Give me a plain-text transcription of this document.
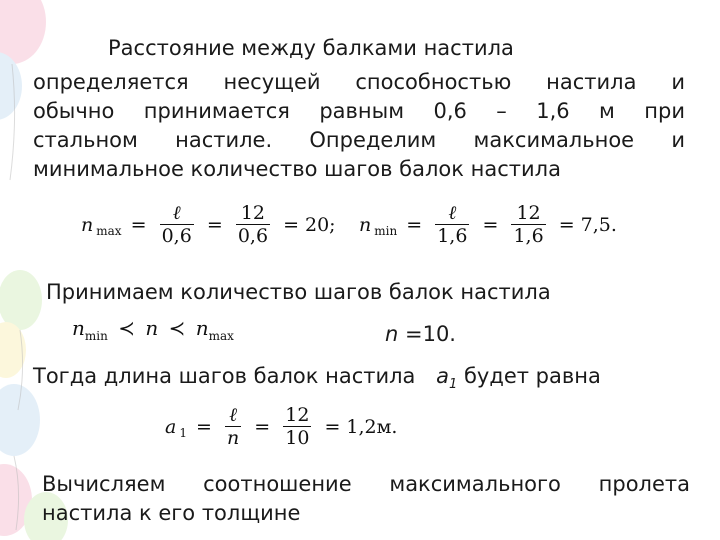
Расстояние между балками настила
определяется несущей способностью настила и
обычно принимается равным 0,6 – 1,6 м при
стальном настиле. Определим максимальное и
минимальное количество шагов балок настила
n $_{max} = \frac{\text{ℓ}}{0,6} = \frac{12}{0,6} = 20$; n $_{min} = \frac{\text{ℓ}}{1,6} = \frac{12}{1,6} = 7,5$.
Принимаем количество шагов балок настила
$n_{min}$ ≺ n ≺ $n_{max}$	n =10.
Тогда длина шагов балок настила $a_1$ будет равна
a $_1 = \frac{\text{ℓ}}{n} = \frac{12}{10} = 1,2м$.
Вычисляем соотношение максимального пролета
настила к его толщине
